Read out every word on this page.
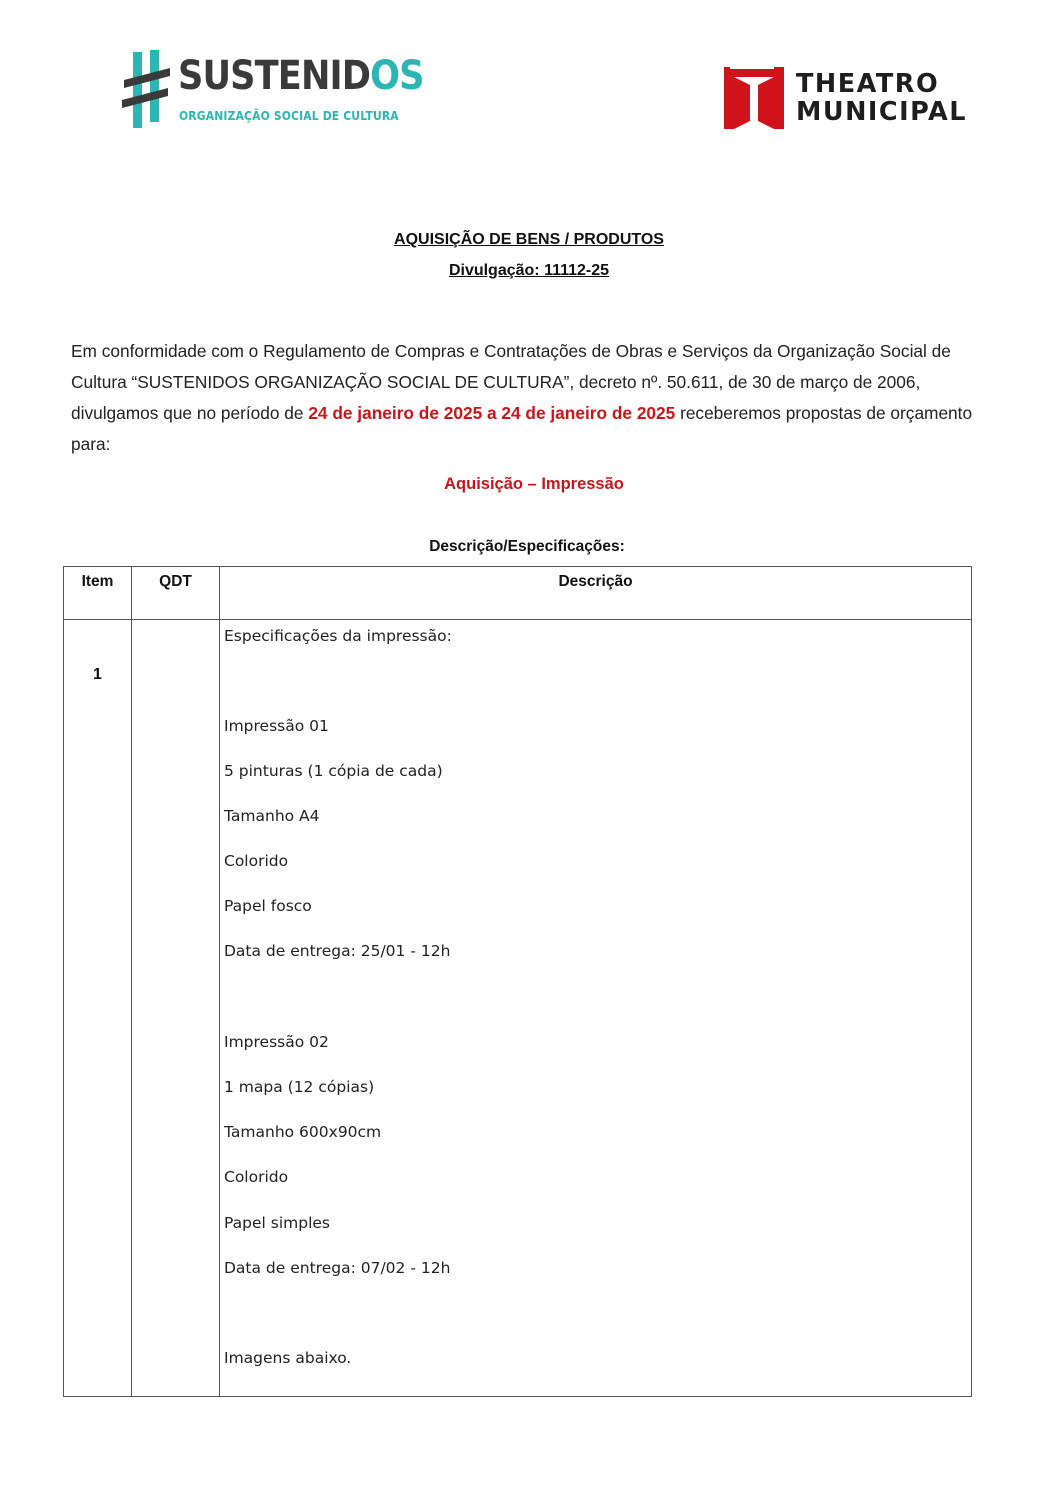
SUSTENIDOS
ORGANIZAÇÃO SOCIAL DE CULTURA
THEATRO
MUNICIPAL
AQUISIÇÃO DE BENS / PRODUTOS
Divulgação: 11112-25

Em conformidade com o Regulamento de Compras e Contratações de Obras e Serviços da Organização Social de Cultura “SUSTENIDOS ORGANIZAÇÃO SOCIAL DE CULTURA”, decreto nº. 50.611, de 30 de março de 2006, divulgamos que no período de 24 de janeiro de 2025 a 24 de janeiro de 2025 receberemos propostas de orçamento para:

Aquisição – Impressão
Descrição/Especificações:
Item	QDT	Descrição
1
Especificações da impressão:
Impressão 01
5 pinturas (1 cópia de cada)
Tamanho A4
Colorido
Papel fosco
Data de entrega: 25/01 - 12h
Impressão 02
1 mapa (12 cópias)
Tamanho 600x90cm
Colorido
Papel simples
Data de entrega: 07/02 - 12h
Imagens abaixo.
